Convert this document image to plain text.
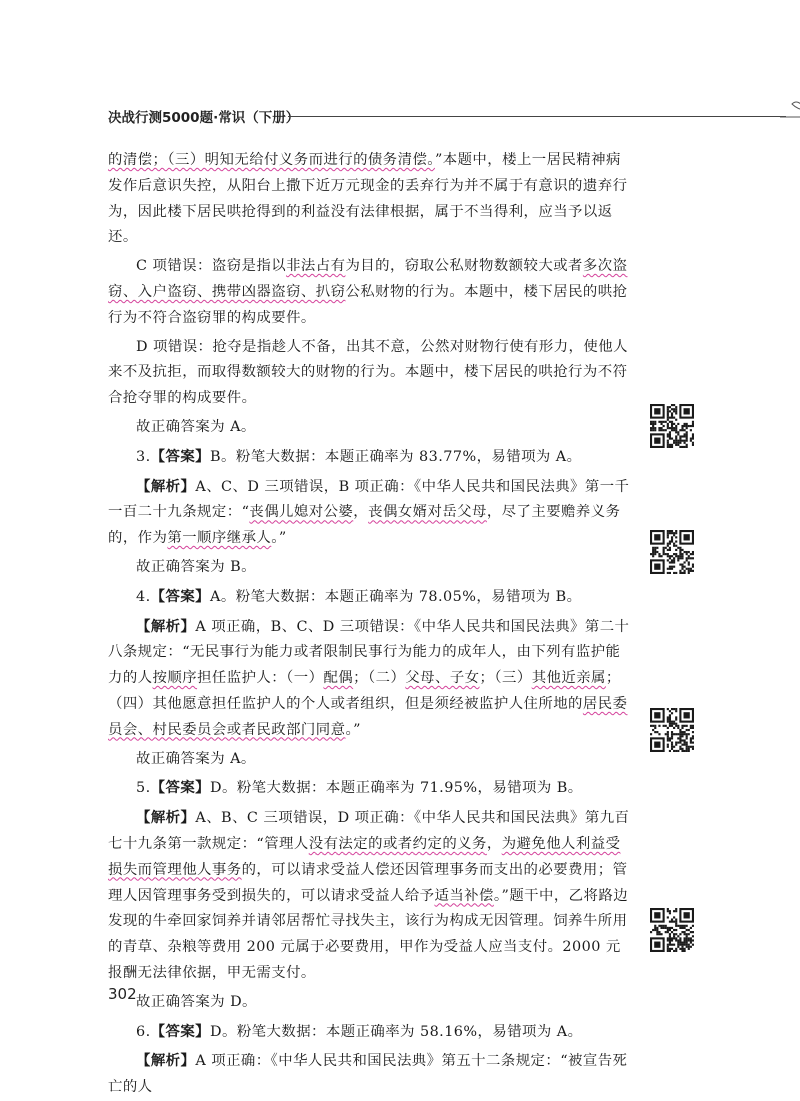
决战行测5000题·常识（下册）

的清偿；（三）明知无给付义务而进行的债务清偿。”本题中，楼上一居民精神病发作后意识失控，从阳台上撒下近万元现金的丢弃行为并不属于有意识的遗弃行为，因此楼下居民哄抢得到的利益没有法律根据，属于不当得利，应当予以返还。

C 项错误：盗窃是指以非法占有为目的，窃取公私财物数额较大或者多次盗窃、入户盗窃、携带凶器盗窃、扒窃公私财物的行为。本题中，楼下居民的哄抢行为不符合盗窃罪的构成要件。

D 项错误：抢夺是指趁人不备，出其不意，公然对财物行使有形力，使他人来不及抗拒，而取得数额较大的财物的行为。本题中，楼下居民的哄抢行为不符合抢夺罪的构成要件。

故正确答案为 A。

3.【答案】B。粉笔大数据：本题正确率为 83.77%，易错项为 A。

【解析】A、C、D 三项错误，B 项正确：《中华人民共和国民法典》第一千一百二十九条规定：“丧偶儿媳对公婆，丧偶女婿对岳父母，尽了主要赡养义务的，作为第一顺序继承人。”

故正确答案为 B。

4.【答案】A。粉笔大数据：本题正确率为 78.05%，易错项为 B。

【解析】A 项正确，B、C、D 三项错误：《中华人民共和国民法典》第二十八条规定：“无民事行为能力或者限制民事行为能力的成年人，由下列有监护能力的人按顺序担任监护人：（一）配偶；（二）父母、子女；（三）其他近亲属；（四）其他愿意担任监护人的个人或者组织，但是须经被监护人住所地的居民委员会、村民委员会或者民政部门同意。”

故正确答案为 A。

5.【答案】D。粉笔大数据：本题正确率为 71.95%，易错项为 B。

【解析】A、B、C 三项错误，D 项正确：《中华人民共和国民法典》第九百七十九条第一款规定：“管理人没有法定的或者约定的义务，为避免他人利益受损失而管理他人事务的，可以请求受益人偿还因管理事务而支出的必要费用；管理人因管理事务受到损失的，可以请求受益人给予适当补偿。”题干中，乙将路边发现的牛牵回家饲养并请邻居帮忙寻找失主，该行为构成无因管理。饲养牛所用的青草、杂粮等费用 200 元属于必要费用，甲作为受益人应当支付。2000 元报酬无法律依据，甲无需支付。

故正确答案为 D。

6.【答案】D。粉笔大数据：本题正确率为 58.16%，易错项为 A。

【解析】A 项正确：《中华人民共和国民法典》第五十二条规定：“被宣告死亡的人

302
